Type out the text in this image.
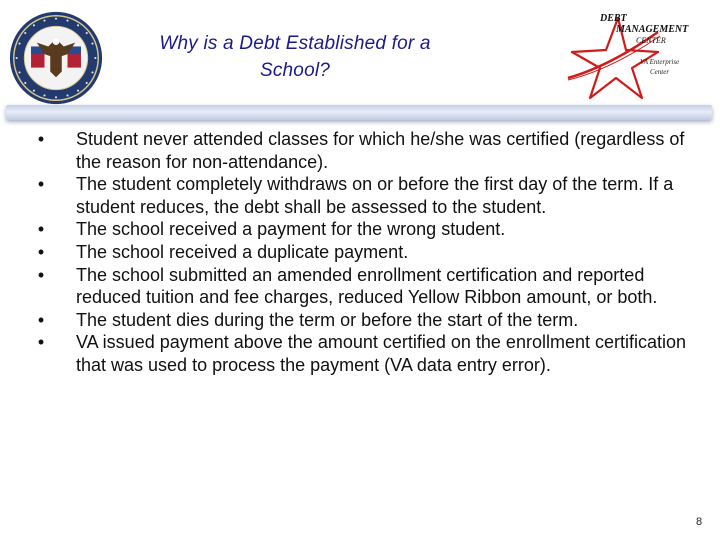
Why is a Debt Established for a
School?
DEBT
MANAGEMENT
CENTER
VA Enterprise
Center
• Student never attended classes for which he/she was certified (regardless of the reason for non-attendance).
• The student completely withdraws on or before the first day of the term. If a student reduces, the debt shall be assessed to the student.
• The school received a payment for the wrong student.
• The school received a duplicate payment.
• The school submitted an amended enrollment certification and reported reduced tuition and fee charges, reduced Yellow Ribbon amount, or both.
• The student dies during the term or before the start of the term.
• VA issued payment above the amount certified on the enrollment certification that was used to process the payment (VA data entry error).
8
